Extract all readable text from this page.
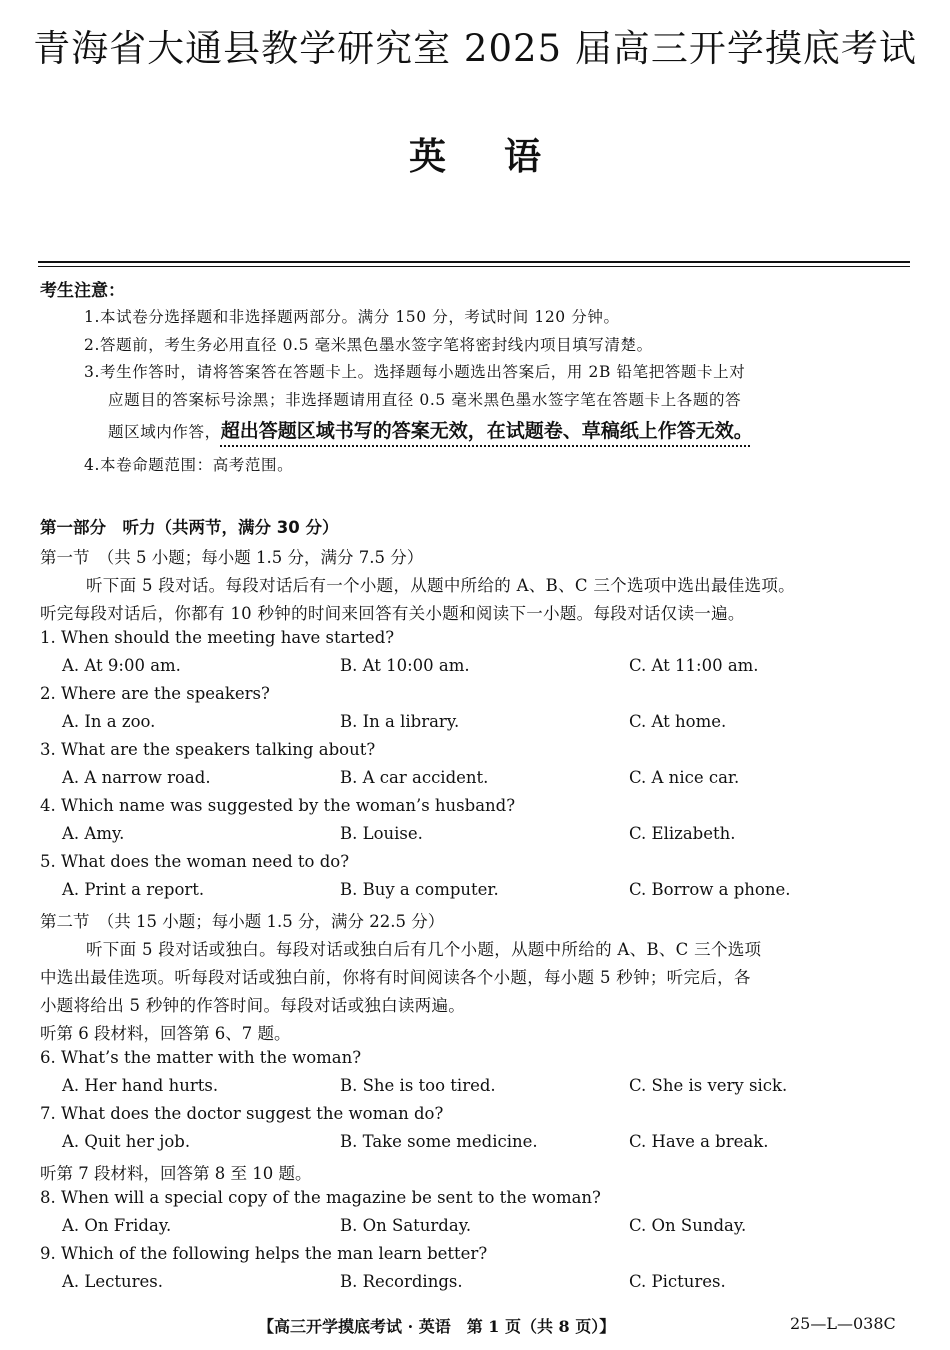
青海省大通县教学研究室 2025 届高三开学摸底考试
英语
考生注意：
1.本试卷分选择题和非选择题两部分。满分 150 分，考试时间 120 分钟。
2.答题前，考生务必用直径 0.5 毫米黑色墨水签字笔将密封线内项目填写清楚。
3.考生作答时，请将答案答在答题卡上。选择题每小题选出答案后，用 2B 铅笔把答题卡上对
应题目的答案标号涂黑；非选择题请用直径 0.5 毫米黑色墨水签字笔在答题卡上各题的答
题区域内作答，超出答题区域书写的答案无效，在试题卷、草稿纸上作答无效。
4.本卷命题范围：高考范围。
第一部分　听力（共两节，满分 30 分）
第一节　（共 5 小题；每小题 1.5 分，满分 7.5 分）
听下面 5 段对话。每段对话后有一个小题，从题中所给的 A、B、C 三个选项中选出最佳选项。
听完每段对话后，你都有 10 秒钟的时间来回答有关小题和阅读下一小题。每段对话仅读一遍。
1. When should the meeting have started?
A. At 9:00 am.	B. At 10:00 am.	C. At 11:00 am.
2. Where are the speakers?
A. In a zoo.	B. In a library.	C. At home.
3. What are the speakers talking about?
A. A narrow road.	B. A car accident.	C. A nice car.
4. Which name was suggested by the woman’s husband?
A. Amy.	B. Louise.	C. Elizabeth.
5. What does the woman need to do?
A. Print a report.	B. Buy a computer.	C. Borrow a phone.
第二节　（共 15 小题；每小题 1.5 分，满分 22.5 分）
听下面 5 段对话或独白。每段对话或独白后有几个小题，从题中所给的 A、B、C 三个选项
中选出最佳选项。听每段对话或独白前，你将有时间阅读各个小题，每小题 5 秒钟；听完后，各
小题将给出 5 秒钟的作答时间。每段对话或独白读两遍。
听第 6 段材料，回答第 6、7 题。
6. What’s the matter with the woman?
A. Her hand hurts.	B. She is too tired.	C. She is very sick.
7. What does the doctor suggest the woman do?
A. Quit her job.	B. Take some medicine.	C. Have a break.
听第 7 段材料，回答第 8 至 10 题。
8. When will a special copy of the magazine be sent to the woman?
A. On Friday.	B. On Saturday.	C. On Sunday.
9. Which of the following helps the man learn better?
A. Lectures.	B. Recordings.	C. Pictures.
【高三开学摸底考试 · 英语　第 1 页（共 8 页）】	25—L—038C
